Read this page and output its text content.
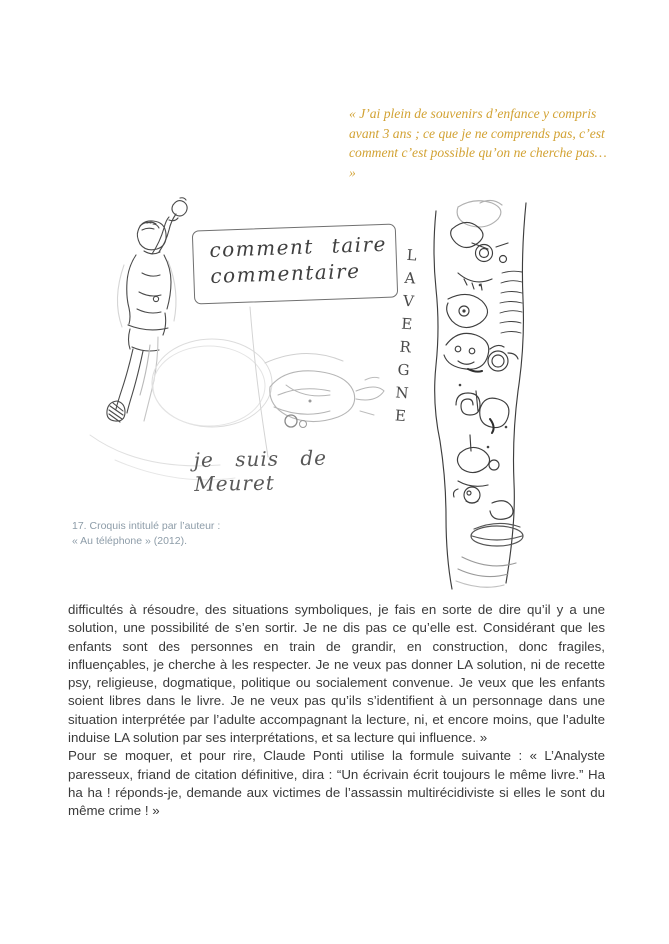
« J’ai plein de souvenirs d’enfance y compris avant 3 ans ; ce que je ne comprends pas, c’est comment c’est possible qu’on ne cherche pas… »
comment taire
commentaire	LAVERGNE
je suis de Meuret
17. Croquis intitulé par l’auteur :
« Au téléphone » (2012).

difficultés à résoudre, des situations symboliques, je fais en sorte de dire qu’il y a une solution, une possibilité de s’en sortir. Je ne dis pas ce qu’elle est. Considérant que les enfants sont des personnes en train de grandir, en construction, donc fragiles, influençables, je cherche à les respecter. Je ne veux pas donner LA solution, ni de recette psy, religieuse, dogmatique, politique ou socialement convenue. Je veux que les enfants soient libres dans le livre. Je ne veux pas qu’ils s’identifient à un personnage dans une situation interprétée par l’adulte accompagnant la lecture, ni, et encore moins, que l’adulte induise LA solution par ses interprétations, et sa lecture qui influence. »

Pour se moquer, et pour rire, Claude Ponti utilise la formule suivante : « L’Analyste paresseux, friand de citation définitive, dira : “Un écrivain écrit toujours le même livre.” Ha ha ha ! réponds-je, demande aux victimes de l’assassin multirécidiviste si elles le sont du même crime ! »
